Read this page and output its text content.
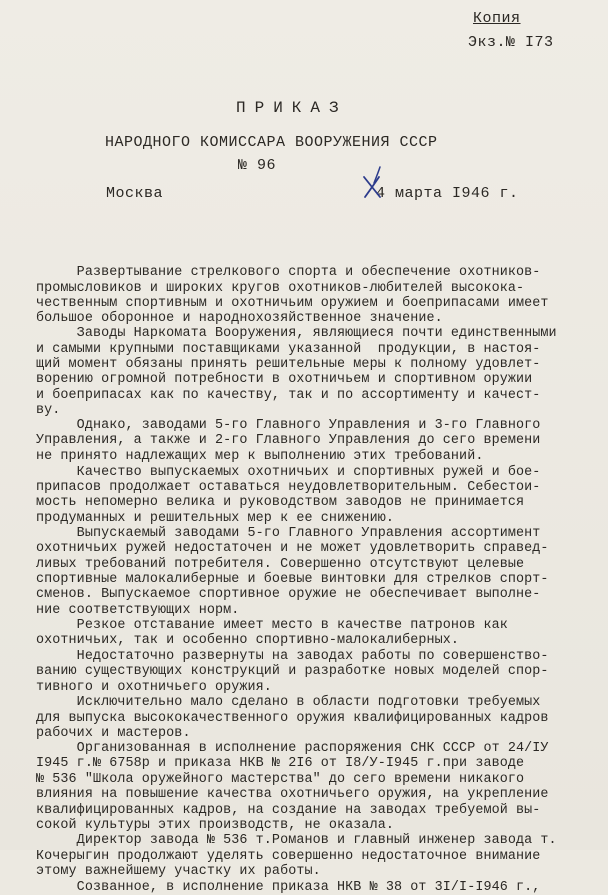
Копия
Экз.№ I73
ПРИКАЗ
НАРОДНОГО КОМИССАРА ВООРУЖЕНИЯ СССР
№ 96
Москва	4 марта I946 г.
Развертывание стрелкового спорта и обеспечение охотников-
промысловиков и широких кругов охотников-любителей высокока-
чественным спортивным и охотничьим оружием и боеприпасами имеет
большое оборонное и народнохозяйственное значение.
Заводы Наркомата Вооружения, являющиеся почти единственными
и самыми крупными поставщиками указанной  продукции, в настоя-
щий момент обязаны принять решительные меры к полному удовлет-
ворению огромной потребности в охотничьем и спортивном оружии
и боеприпасах как по качеству, так и по ассортименту и качест-
ву.
Однако, заводами 5-го Главного Управления и 3-го Главного
Управления, а также и 2-го Главного Управления до сего времени
не принято надлежащих мер к выполнению этих требований.
Качество выпускаемых охотничьих и спортивных ружей и боe-
припасов продолжает оставаться неудовлетворительным. Себестои-
мость непомерно велика и руководством заводов не принимается
продуманных и решительных мер к ее снижению.
Выпускаемый заводами 5-го Главного Управления ассортимент
охотничьих ружей недостаточен и не может удовлетворить справед-
ливых требований потребителя. Совершенно отсутствуют целевые
спортивные малокалиберные и боевые винтовки для стрелков спорт-
сменов. Выпускаемое спортивное оружие не обеспечивает выполне-
ние соответствующих норм.
Резкое отставание имеет место в качестве патронов как
охотничьих, так и особенно спортивно-малокалиберных.
Недостаточно развернуты на заводах работы по совершенство-
ванию существующих конструкций и разработке новых моделей спор-
тивного и охотничьего оружия.
Исключительно мало сделано в области подготовки требуемых
для выпуска высококачественного оружия квалифицированных кадров
рабочих и мастеров.
Организованная в исполнение распоряжения СНК СССР от 24/IУ
I945 г.№ 6758р и приказа НКВ № 2I6 от I8/У-I945 г.при заводе
№ 536 "Школа оружейного мастерства" до сего времени никакого
влияния на повышение качества охотничьего оружия, на укрепление
квалифицированных кадров, на создание на заводах требуемой вы-
сокой культуры этих производств, не оказала.
Директор завода № 536 т.Романов и главный инженер завода т.
Кочерыгин продолжают уделять совершенно недостаточное внимание
этому важнейшему участку их работы.
Созванное, в исполнение приказа НКВ № 38 от 3I/I-I946 г.,
